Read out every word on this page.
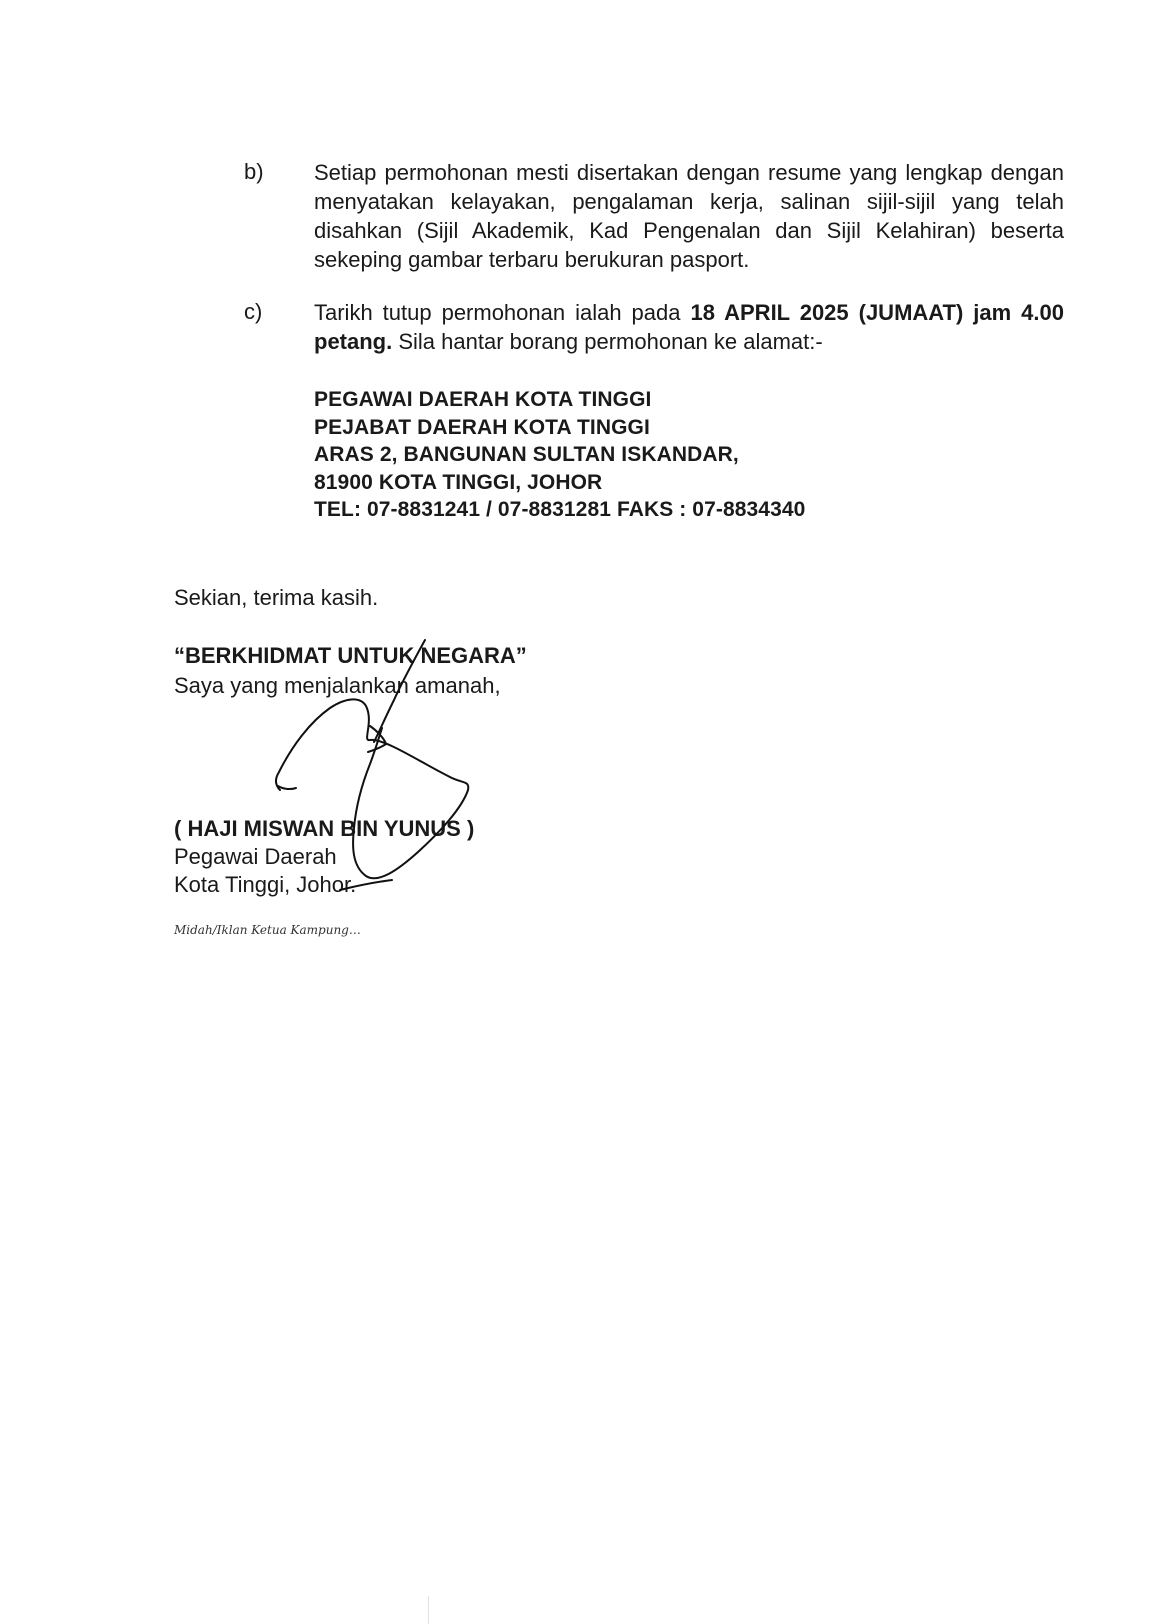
b) Setiap permohonan mesti disertakan dengan resume yang lengkap dengan menyatakan kelayakan, pengalaman kerja, salinan sijil-sijil yang telah disahkan (Sijil Akademik, Kad Pengenalan dan Sijil Kelahiran) beserta sekeping gambar terbaru berukuran pasport.
c) Tarikh tutup permohonan ialah pada 18 APRIL 2025 (JUMAAT) jam 4.00 petang. Sila hantar borang permohonan ke alamat:-
PEGAWAI DAERAH KOTA TINGGI
PEJABAT DAERAH KOTA TINGGI
ARAS 2, BANGUNAN SULTAN ISKANDAR,
81900 KOTA TINGGI, JOHOR
TEL: 07-8831241 / 07-8831281 FAKS : 07-8834340
Sekian, terima kasih.
“BERKHIDMAT UNTUK NEGARA”
Saya yang menjalankan amanah,
( HAJI MISWAN BIN YUNUS )
Pegawai Daerah
Kota Tinggi, Johor.
Midah/Iklan Ketua Kampung…
